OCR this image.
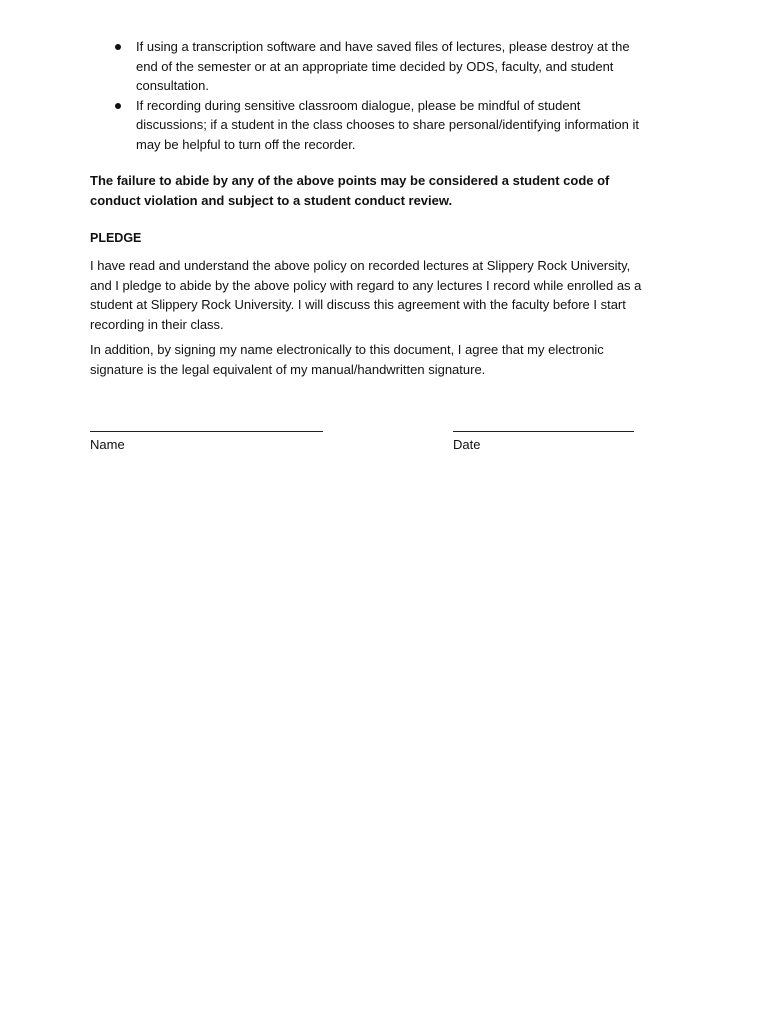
If using a transcription software and have saved files of lectures, please destroy at the end of the semester or at an appropriate time decided by ODS, faculty, and student consultation.
If recording during sensitive classroom dialogue, please be mindful of student discussions; if a student in the class chooses to share personal/identifying information it may be helpful to turn off the recorder.

The failure to abide by any of the above points may be considered a student code of conduct violation and subject to a student conduct review.

PLEDGE

I have read and understand the above policy on recorded lectures at Slippery Rock University, and I pledge to abide by the above policy with regard to any lectures I record while enrolled as a student at Slippery Rock University. I will discuss this agreement with the faculty before I start recording in their class.

In addition, by signing my name electronically to this document, I agree that my electronic signature is the legal equivalent of my manual/handwritten signature.

Name	Date
